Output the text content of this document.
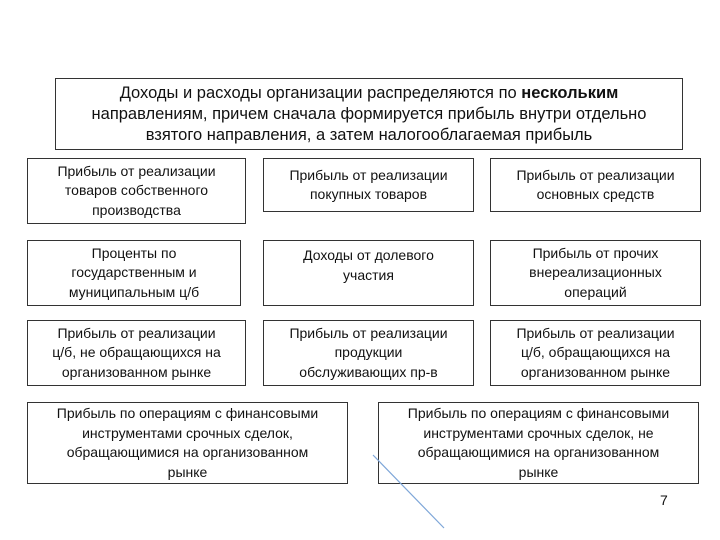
Доходы и расходы организации распределяются по нескольким
направлениям, причем сначала формируется прибыль внутри отдельно
взятого направления, а затем налогооблагаемая прибыль
Прибыль от реализации
товаров собственного
производства
Прибыль от реализации
покупных товаров
Прибыль от реализации
основных средств
Проценты по
государственным и
муниципальным ц/б
Доходы от долевого
участия
Прибыль от прочих
внереализационных
операций
Прибыль от реализации
ц/б, не обращающихся на
организованном рынке
Прибыль от реализации
продукции
обслуживающих пр-в
Прибыль от реализации
ц/б, обращающихся на
организованном рынке
Прибыль по операциям с финансовыми
инструментами срочных сделок,
обращающимися на организованном
рынке
Прибыль по операциям с финансовыми
инструментами срочных сделок, не
обращающимися на организованном
рынке
7
